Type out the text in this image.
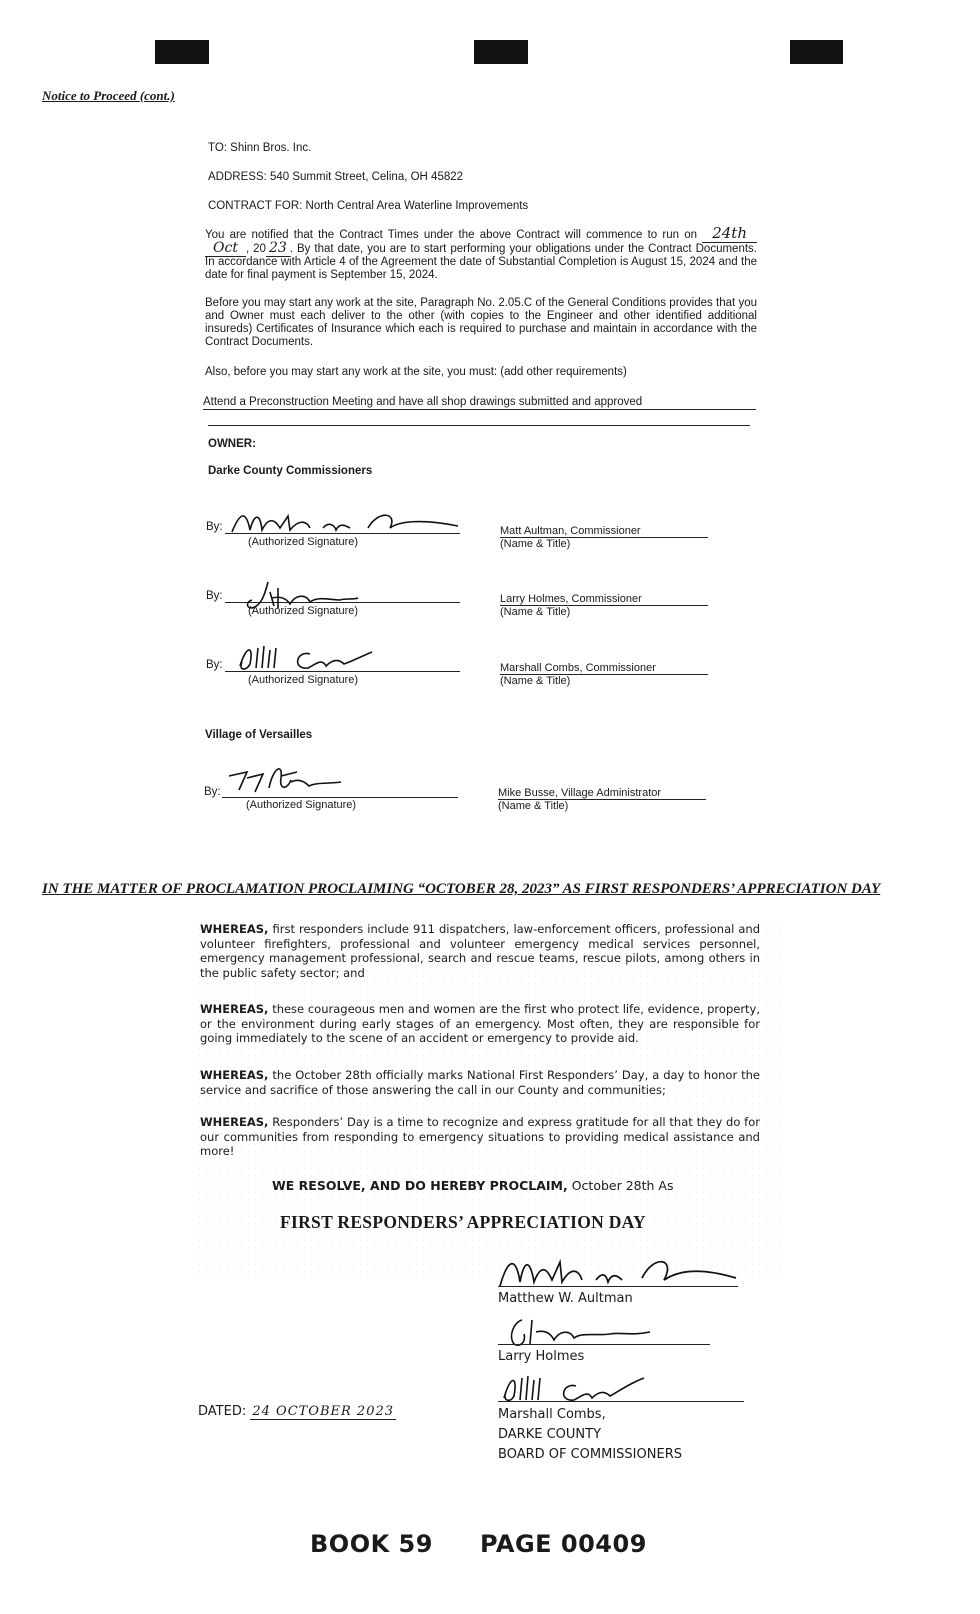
Notice to Proceed (cont.)
TO: Shinn Bros. Inc.
ADDRESS: 540 Summit Street, Celina, OH 45822
CONTRACT FOR: North Central Area Waterline Improvements
You are notified that the Contract Times under the above Contract will commence to run on 24th Oct , 20 23 . By that date, you are to start performing your obligations under the Contract Documents. In accordance with Article 4 of the Agreement the date of Substantial Completion is August 15, 2024 and the date for final payment is September 15, 2024.
Before you may start any work at the site, Paragraph No. 2.05.C of the General Conditions provides that you and Owner must each deliver to the other (with copies to the Engineer and other identified additional insureds) Certificates of Insurance which each is required to purchase and maintain in accordance with the Contract Documents.
Also, before you may start any work at the site, you must: (add other requirements)
Attend a Preconstruction Meeting and have all shop drawings submitted and approved
OWNER:
Darke County Commissioners
By:
(Authorized Signature)
Matt Aultman, Commissioner
(Name & Title)
By:
(Authorized Signature)
Larry Holmes, Commissioner
(Name & Title)
By:
(Authorized Signature)
Marshall Combs, Commissioner
(Name & Title)
Village of Versailles
By:
(Authorized Signature)
Mike Busse, Village Administrator
(Name & Title)
IN THE MATTER OF PROCLAMATION PROCLAIMING “OCTOBER 28, 2023” AS FIRST RESPONDERS’ APPRECIATION DAY
WHEREAS, first responders include 911 dispatchers, law-enforcement officers, professional and volunteer firefighters, professional and volunteer emergency medical services personnel, emergency management professional, search and rescue teams, rescue pilots, among others in the public safety sector; and
WHEREAS, these courageous men and women are the first who protect life, evidence, property, or the environment during early stages of an emergency. Most often, they are responsible for going immediately to the scene of an accident or emergency to provide aid.
WHEREAS, the October 28th officially marks National First Responders’ Day, a day to honor the service and sacrifice of those answering the call in our County and communities;
WHEREAS, Responders’ Day is a time to recognize and express gratitude for all that they do for our communities from responding to emergency situations to providing medical assistance and more!
WE RESOLVE, AND DO HEREBY PROCLAIM, October 28th As
FIRST RESPONDERS’ APPRECIATION DAY
Matthew W. Aultman
Larry Holmes
Marshall Combs,
DARKE COUNTY
BOARD OF COMMISSIONERS
DATED: 24 OCTOBER 2023
BOOK 59 PAGE 00409
